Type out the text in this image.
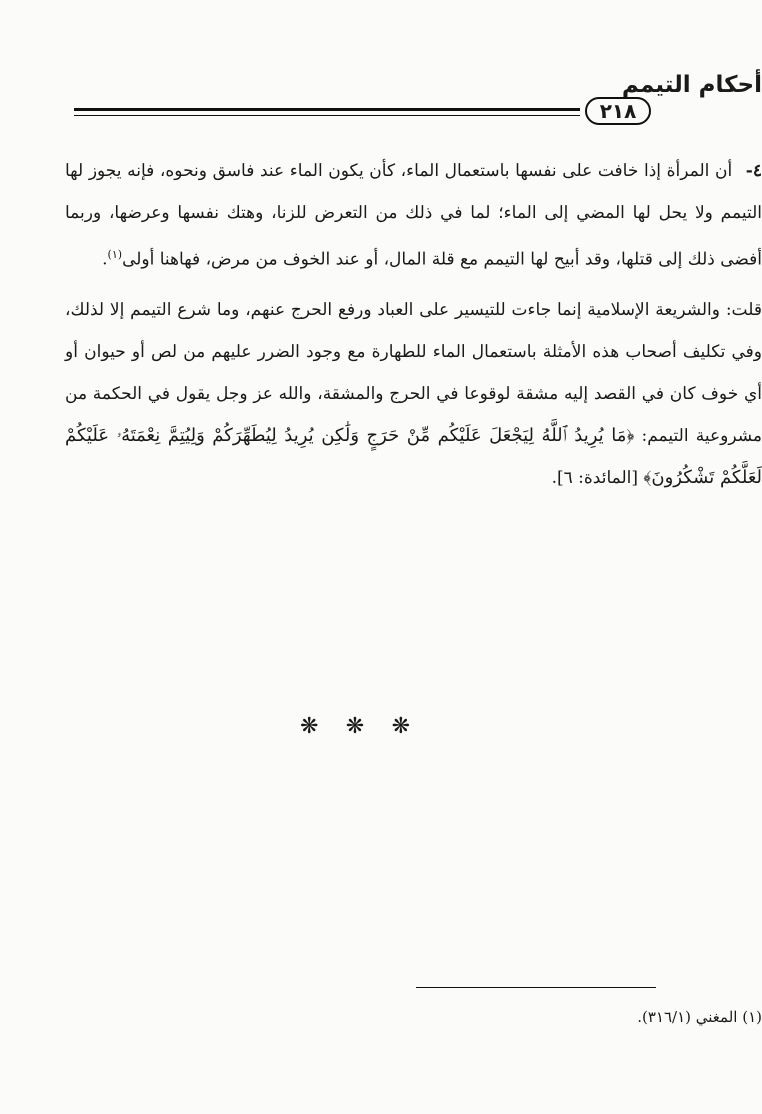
أحكام التيمم
٢١٨

٤- أن المرأة إذا خافت على نفسها باستعمال الماء، كأن يكون الماء عند فاسق ونحوه، فإنه يجوز لها التيمم ولا يحل لها المضي إلى الماء؛ لما في ذلك من التعرض للزنا، وهتك نفسها وعرضها، وربما أفضى ذلك إلى قتلها، وقد أبيح لها التيمم مع قلة المال، أو عند الخوف من مرض، فهاهنا أولى$^{(١)}$.

قلت: والشريعة الإسلامية إنما جاءت للتيسير على العباد ورفع الحرج عنهم، وما شرع التيمم إلا لذلك، وفي تكليف أصحاب هذه الأمثلة باستعمال الماء للطهارة مع وجود الضرر عليهم من لص أو حيوان أو أي خوف كان في القصد إليه مشقة لوقوعا في الحرج والمشقة، والله عز وجل يقول في الحكمة من مشروعية التيمم: ﴿مَا يُرِيدُ ٱللَّهُ لِيَجْعَلَ عَلَيْكُم مِّنْ حَرَجٍ وَلَٰكِن يُرِيدُ لِيُطَهِّرَكُمْ وَلِيُتِمَّ نِعْمَتَهُۥ عَلَيْكُمْ لَعَلَّكُمْ تَشْكُرُونَ﴾ [المائدة: ٦].

❋ ❋ ❋
(١) المغني (٣١٦/١).
